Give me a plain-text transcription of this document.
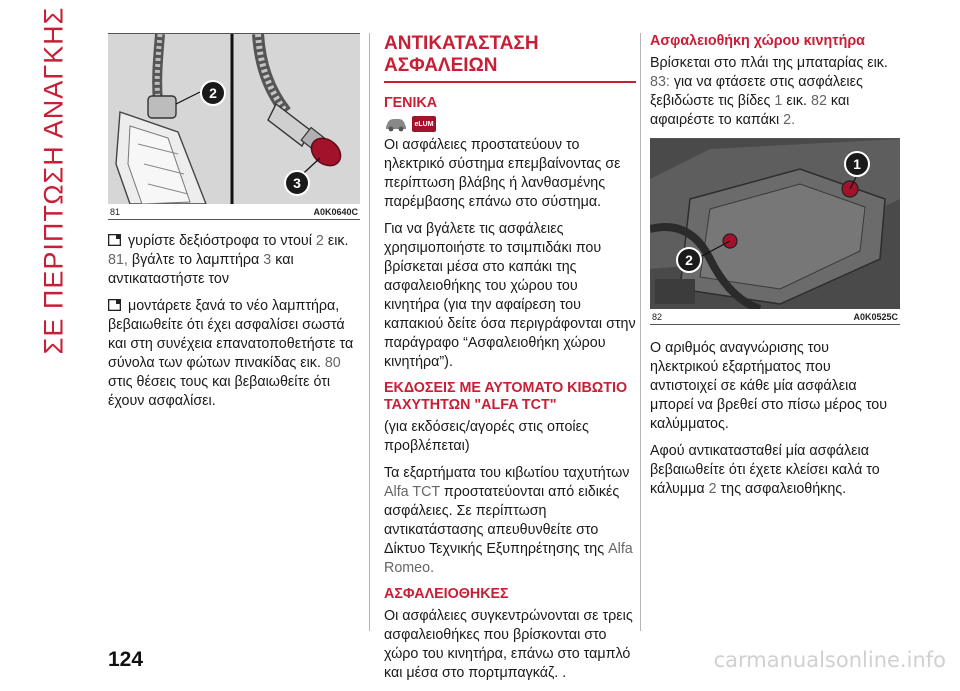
ΣΕ ΠΕΡΙΠΤΩΣΗ ΑΝΑΓΚΗΣ	2
3
81	A0K0640C

γυρίστε δεξιόστροφα το ντουί 2 εικ. 81, βγάλτε το λαμπτήρα 3 και αντικαταστήστε τον

μοντάρετε ξανά το νέο λαμπτήρα, βεβαιωθείτε ότι έχει ασφαλίσει σωστά και στη συνέχεια επανατοποθετήστε τα σύνολα των φώτων πινακίδας εικ. 80 στις θέσεις τους και βεβαιωθείτε ότι έχουν ασφαλίσει.

ΑΝΤΙΚΑΤΑΣΤΑΣΗ ΑΣΦΑΛΕΙΩΝ
ΓΕΝΙΚΑ
eLUM

Οι ασφάλειες προστατεύουν το ηλεκτρικό σύστημα επεμβαίνοντας σε περίπτωση βλάβης ή λανθασμένης παρέμβασης επάνω στο σύστημα.

Για να βγάλετε τις ασφάλειες χρησιμοποιήστε το τσιμπιδάκι που βρίσκεται μέσα στο καπάκι της ασφαλειοθήκης του χώρου του κινητήρα (για την αφαίρεση του καπακιού δείτε όσα περιγράφονται στην παράγραφο “Ασφαλειοθήκη χώρου κινητήρα”).

ΕΚΔΟΣΕΙΣ ΜΕ ΑΥΤΟΜΑΤΟ ΚΙΒΩΤΙΟ ΤΑΧΥΤΗΤΩΝ "ALFA TCT"

(για εκδόσεις/αγορές στις οποίες προβλέπεται)

Τα εξαρτήματα του κιβωτίου ταχυτήτων Alfa TCT προστατεύονται από ειδικές ασφάλειες. Σε περίπτωση αντικατάστασης απευθυνθείτε στο Δίκτυο Τεχνικής Εξυπηρέτησης της Alfa Romeo.

ΑΣΦΑΛΕΙΟΘΗΚΕΣ

Οι ασφάλειες συγκεντρώνονται σε τρεις ασφαλειοθήκες που βρίσκονται στο χώρο του κινητήρα, επάνω στο ταμπλό και μέσα στο πορτμπαγκάζ. .

Ασφαλειοθήκη χώρου κινητήρα

Βρίσκεται στο πλάι της μπαταρίας εικ. 83: για να φτάσετε στις ασφάλειες ξεβιδώστε τις βίδες 1 εικ. 82 και αφαιρέστε το καπάκι 2.

1
2
82	A0K0525C

Ο αριθμός αναγνώρισης του ηλεκτρικού εξαρτήματος που αντιστοιχεί σε κάθε μία ασφάλεια μπορεί να βρεθεί στο πίσω μέρος του καλύμματος.

Αφού αντικατασταθεί μία ασφάλεια βεβαιωθείτε ότι έχετε κλείσει καλά το κάλυμμα 2 της ασφαλειοθήκης.

124	carmanualsonline.info
